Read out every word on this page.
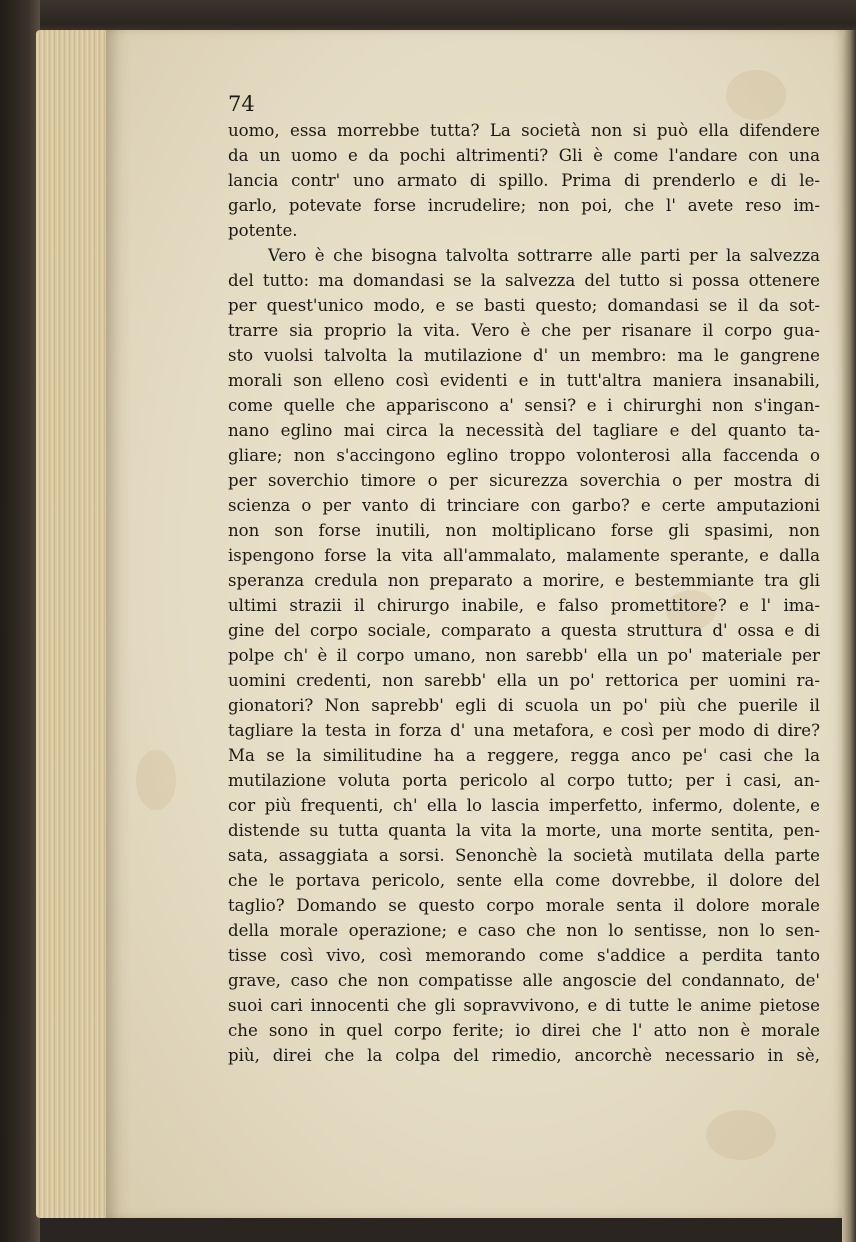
74

uomo, essa morrebbe tutta? La società non si può ella difendere

da un uomo e da pochi altrimenti? Gli è come l'andare con una

lancia contr' uno armato di spillo. Prima di prenderlo e di le-

garlo, potevate forse incrudelire; non poi, che l' avete reso im-

potente.

Vero è che bisogna talvolta sottrarre alle parti per la salvezza

del tutto: ma domandasi se la salvezza del tutto si possa ottenere

per quest'unico modo, e se basti questo; domandasi se il da sot-

trarre sia proprio la vita. Vero è che per risanare il corpo gua-

sto vuolsi talvolta la mutilazione d' un membro: ma le gangrene

morali son elleno così evidenti e in tutt'altra maniera insanabili,

come quelle che appariscono a' sensi? e i chirurghi non s'ingan-

nano eglino mai circa la necessità del tagliare e del quanto ta-

gliare; non s'accingono eglino troppo volonterosi alla faccenda o

per soverchio timore o per sicurezza soverchia o per mostra di

scienza o per vanto di trinciare con garbo? e certe amputazioni

non son forse inutili, non moltiplicano forse gli spasimi, non

ispengono forse la vita all'ammalato, malamente sperante, e dalla

speranza credula non preparato a morire, e bestemmiante tra gli

ultimi strazii il chirurgo inabile, e falso promettitore? e l' ima-

gine del corpo sociale, comparato a questa struttura d' ossa e di

polpe ch' è il corpo umano, non sarebb' ella un po' materiale per

uomini credenti, non sarebb' ella un po' rettorica per uomini ra-

gionatori? Non saprebb' egli di scuola un po' più che puerile il

tagliare la testa in forza d' una metafora, e così per modo di dire?

Ma se la similitudine ha a reggere, regga anco pe' casi che la

mutilazione voluta porta pericolo al corpo tutto; per i casi, an-

cor più frequenti, ch' ella lo lascia imperfetto, infermo, dolente, e

distende su tutta quanta la vita la morte, una morte sentita, pen-

sata, assaggiata a sorsi. Senonchè la società mutilata della parte

che le portava pericolo, sente ella come dovrebbe, il dolore del

taglio? Domando se questo corpo morale senta il dolore morale

della morale operazione; e caso che non lo sentisse, non lo sen-

tisse così vivo, così memorando come s'addice a perdita tanto

grave, caso che non compatisse alle angoscie del condannato, de'

suoi cari innocenti che gli sopravvivono, e di tutte le anime pietose

che sono in quel corpo ferite; io direi che l' atto non è morale

più, direi che la colpa del rimedio, ancorchè necessario in sè,
